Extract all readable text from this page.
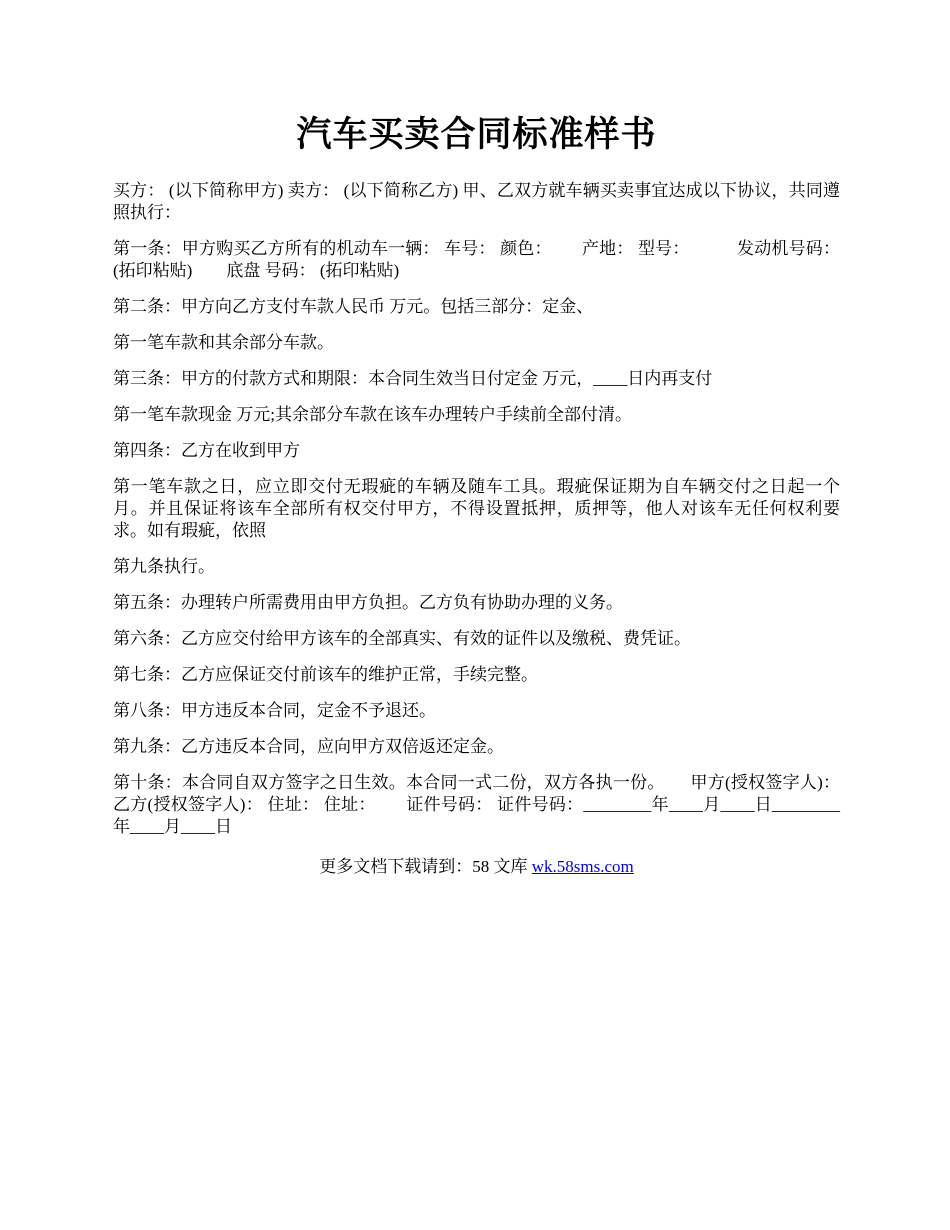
汽车买卖合同标准样书

买方： (以下简称甲方) 卖方： (以下简称乙方) 甲、乙双方就车辆买卖事宜达成以下协议，共同遵照执行：

第一条：甲方购买乙方所有的机动车一辆： 车号： 颜色：　　 产地： 型号：　　　 发动机号码： (拓印粘贴)　　底盘 号码： (拓印粘贴)

第二条：甲方向乙方支付车款人民币 万元。包括三部分：定金、

第一笔车款和其余部分车款。

第三条：甲方的付款方式和期限：本合同生效当日付定金 万元，____日内再支付

第一笔车款现金 万元;其余部分车款在该车办理转户手续前全部付清。

第四条：乙方在收到甲方

第一笔车款之日，应立即交付无瑕疵的车辆及随车工具。瑕疵保证期为自车辆交付之日起一个月。并且保证将该车全部所有权交付甲方，不得设置抵押，质押等，他人对该车无任何权利要求。如有瑕疵，依照

第九条执行。

第五条：办理转户所需费用由甲方负担。乙方负有协助办理的义务。

第六条：乙方应交付给甲方该车的全部真实、有效的证件以及缴税、费凭证。

第七条：乙方应保证交付前该车的维护正常，手续完整。

第八条：甲方违反本合同，定金不予退还。

第九条：乙方违反本合同，应向甲方双倍返还定金。

第十条：本合同自双方签字之日生效。本合同一式二份，双方各执一份。　　甲方(授权签字人)： 乙方(授权签字人)： 住址： 住址：　　 证件号码： 证件号码：________年____月____日________年____月____日

更多文档下载请到：58 文库 wk.58sms.com
